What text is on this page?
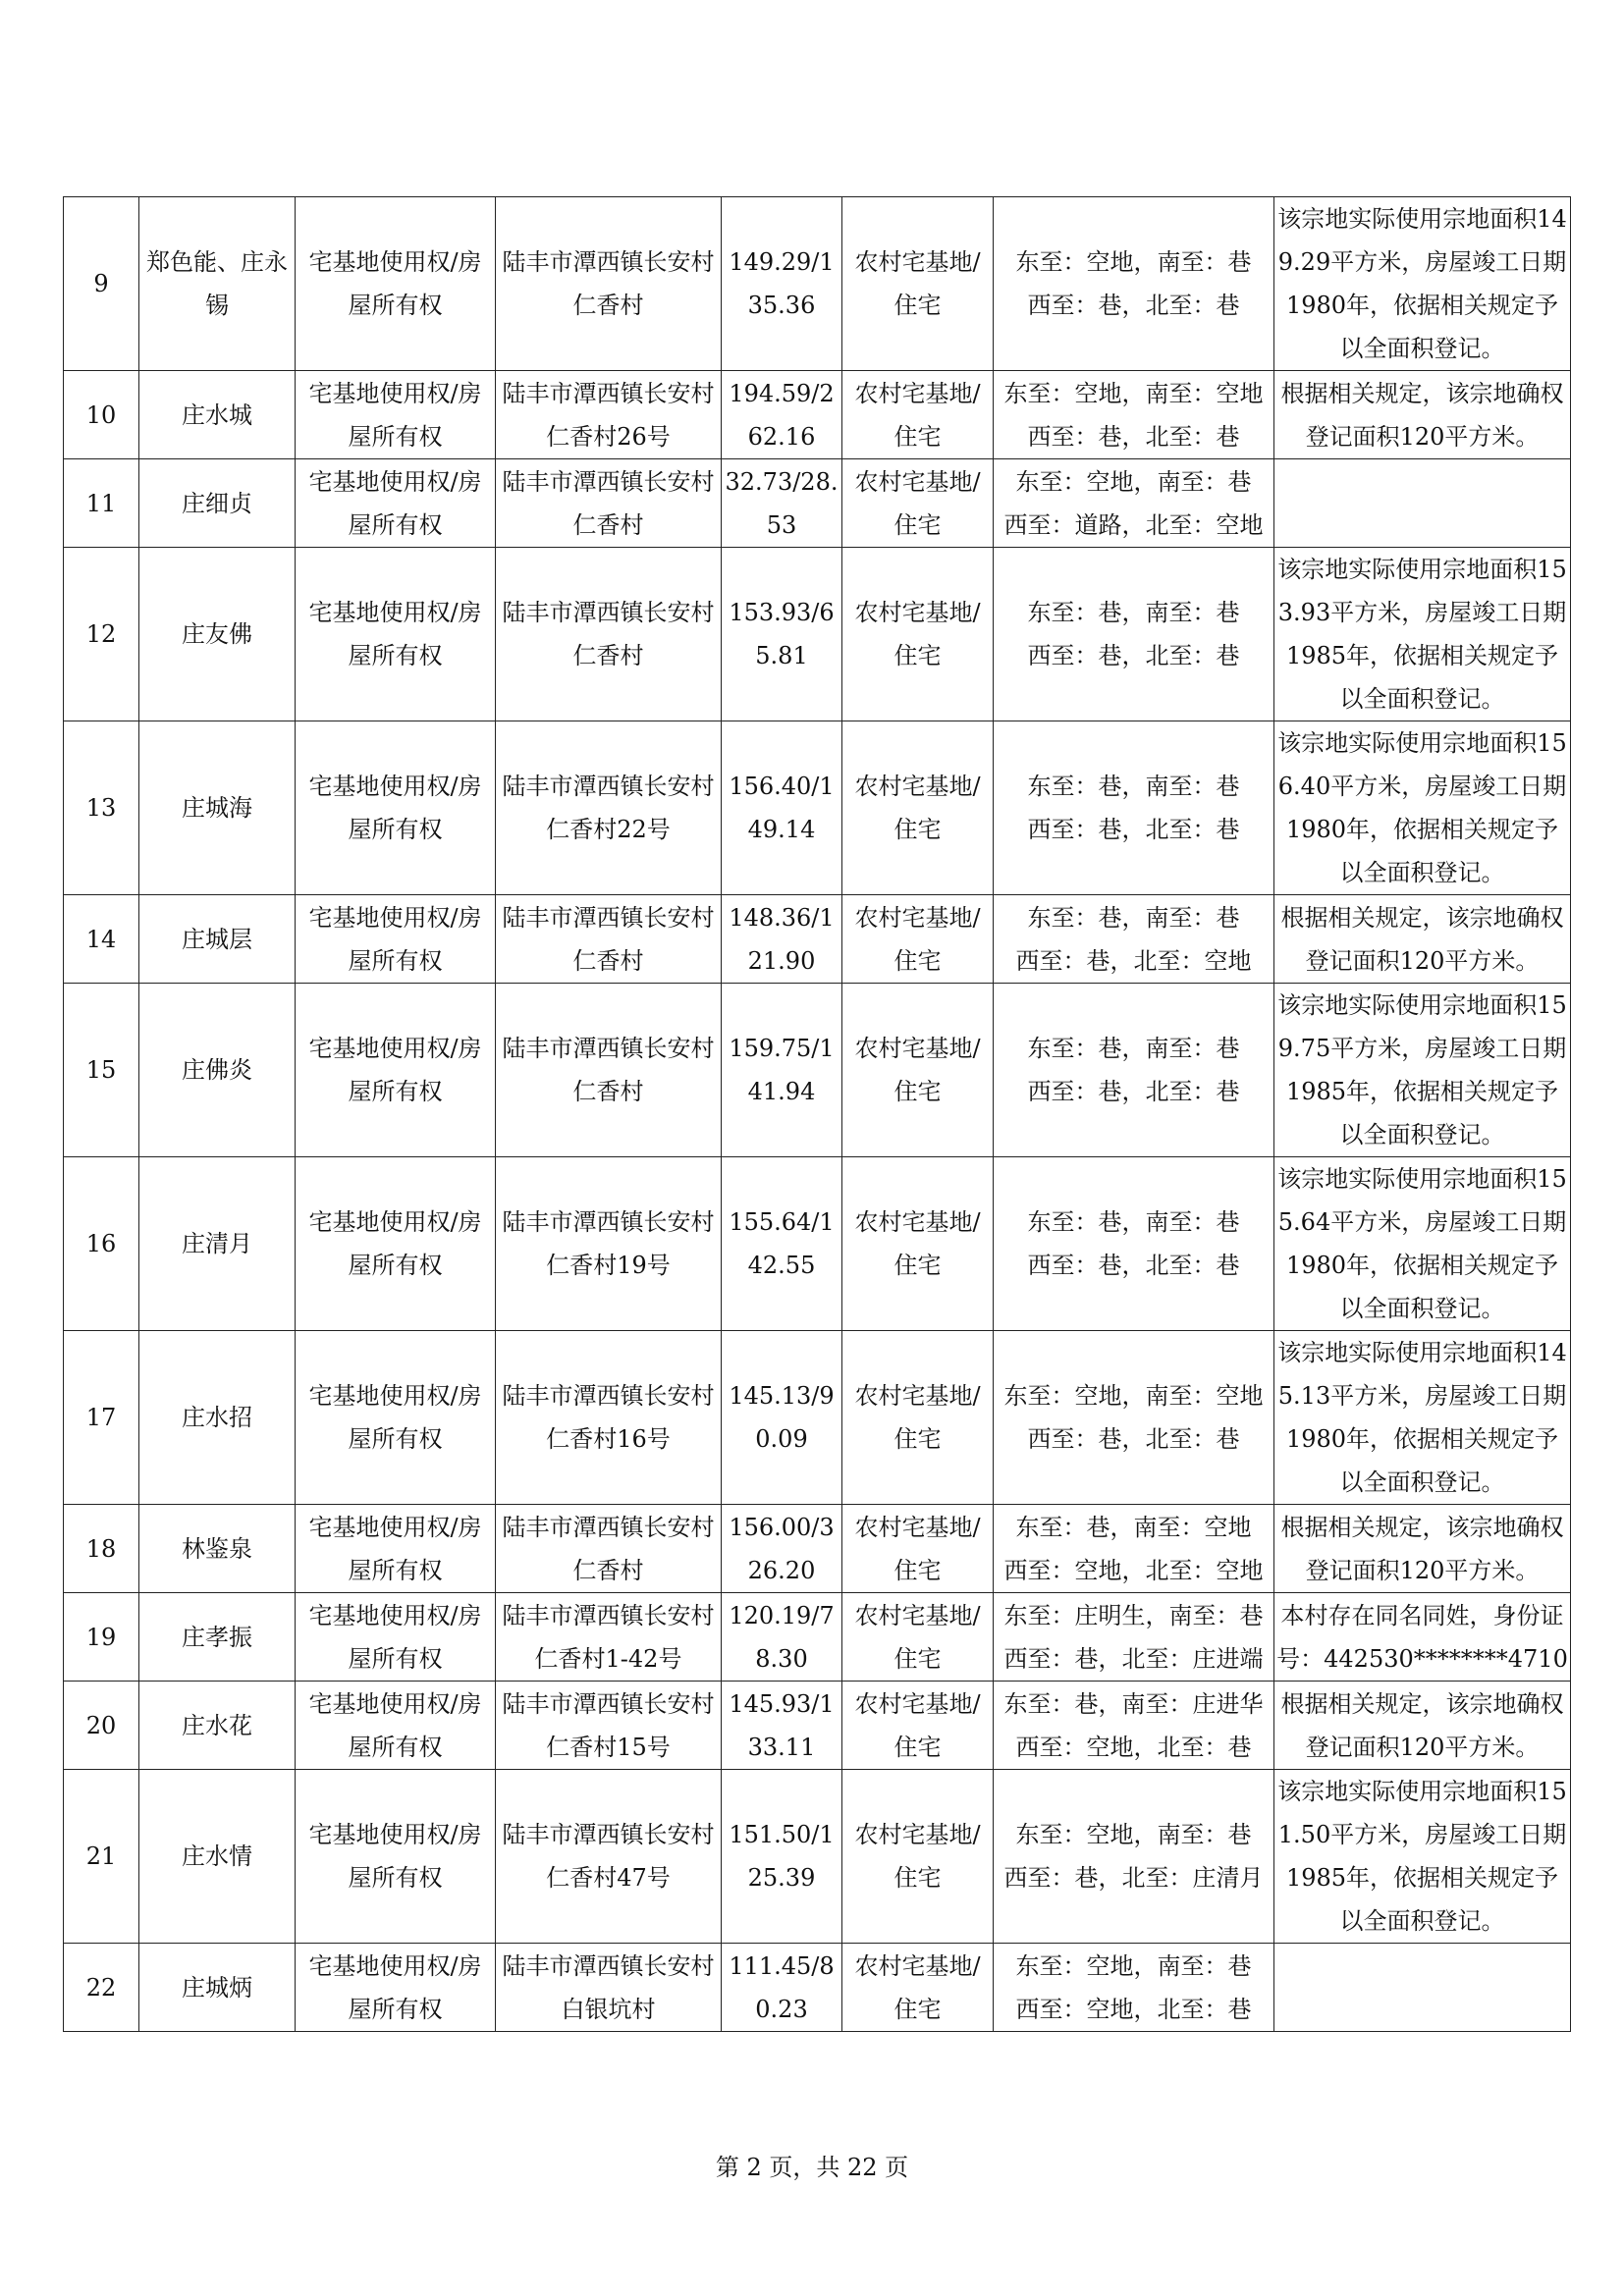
9	郑色能、庄永锡	宅基地使用权/房屋所有权	陆丰市潭西镇长安村仁香村	149.29/135.36	农村宅基地/住宅	东至：空地，南至：巷
西至：巷，北至：巷	该宗地实际使用宗地面积149.29平方米，房屋竣工日期1980年，依据相关规定予以全面积登记。
10	庄水城	宅基地使用权/房屋所有权	陆丰市潭西镇长安村仁香村26号	194.59/262.16	农村宅基地/住宅	东至：空地，南至：空地
西至：巷，北至：巷	根据相关规定，该宗地确权登记面积120平方米。
11	庄细贞	宅基地使用权/房屋所有权	陆丰市潭西镇长安村仁香村	32.73/28.53	农村宅基地/住宅	东至：空地，南至：巷
西至：道路，北至：空地	
12	庄友佛	宅基地使用权/房屋所有权	陆丰市潭西镇长安村仁香村	153.93/65.81	农村宅基地/住宅	东至：巷，南至：巷
西至：巷，北至：巷	该宗地实际使用宗地面积153.93平方米，房屋竣工日期1985年，依据相关规定予以全面积登记。
13	庄城海	宅基地使用权/房屋所有权	陆丰市潭西镇长安村仁香村22号	156.40/149.14	农村宅基地/住宅	东至：巷，南至：巷
西至：巷，北至：巷	该宗地实际使用宗地面积156.40平方米，房屋竣工日期1980年，依据相关规定予以全面积登记。
14	庄城层	宅基地使用权/房屋所有权	陆丰市潭西镇长安村仁香村	148.36/121.90	农村宅基地/住宅	东至：巷，南至：巷
西至：巷，北至：空地	根据相关规定，该宗地确权登记面积120平方米。
15	庄佛炎	宅基地使用权/房屋所有权	陆丰市潭西镇长安村仁香村	159.75/141.94	农村宅基地/住宅	东至：巷，南至：巷
西至：巷，北至：巷	该宗地实际使用宗地面积159.75平方米，房屋竣工日期1985年，依据相关规定予以全面积登记。
16	庄清月	宅基地使用权/房屋所有权	陆丰市潭西镇长安村仁香村19号	155.64/142.55	农村宅基地/住宅	东至：巷，南至：巷
西至：巷，北至：巷	该宗地实际使用宗地面积155.64平方米，房屋竣工日期1980年，依据相关规定予以全面积登记。
17	庄水招	宅基地使用权/房屋所有权	陆丰市潭西镇长安村仁香村16号	145.13/90.09	农村宅基地/住宅	东至：空地，南至：空地
西至：巷，北至：巷	该宗地实际使用宗地面积145.13平方米，房屋竣工日期1980年，依据相关规定予以全面积登记。
18	林鉴泉	宅基地使用权/房屋所有权	陆丰市潭西镇长安村仁香村	156.00/326.20	农村宅基地/住宅	东至：巷，南至：空地
西至：空地，北至：空地	根据相关规定，该宗地确权登记面积120平方米。
19	庄孝振	宅基地使用权/房屋所有权	陆丰市潭西镇长安村仁香村1-42号	120.19/78.30	农村宅基地/住宅	东至：庄明生，南至：巷
西至：巷，北至：庄进端	本村存在同名同姓，身份证号：442530********4710
20	庄水花	宅基地使用权/房屋所有权	陆丰市潭西镇长安村仁香村15号	145.93/133.11	农村宅基地/住宅	东至：巷，南至：庄进华
西至：空地，北至：巷	根据相关规定，该宗地确权登记面积120平方米。
21	庄水情	宅基地使用权/房屋所有权	陆丰市潭西镇长安村仁香村47号	151.50/125.39	农村宅基地/住宅	东至：空地，南至：巷
西至：巷，北至：庄清月	该宗地实际使用宗地面积151.50平方米，房屋竣工日期1985年，依据相关规定予以全面积登记。
22	庄城炳	宅基地使用权/房屋所有权	陆丰市潭西镇长安村白银坑村	111.45/80.23	农村宅基地/住宅	东至：空地，南至：巷
西至：空地，北至：巷	
第 2 页，共 22 页
